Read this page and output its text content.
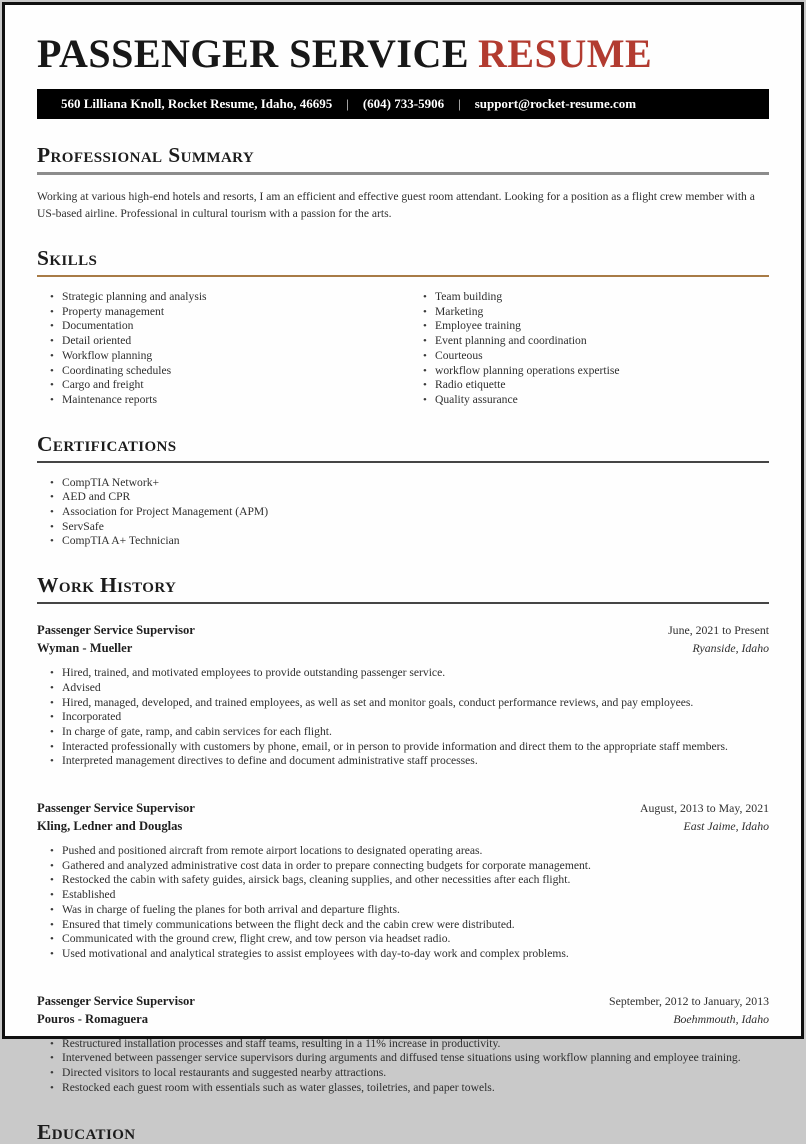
PASSENGER SERVICE RESUME
560 Lilliana Knoll, Rocket Resume, Idaho, 46695 | (604) 733-5906 | support@rocket-resume.com
Professional Summary

Working at various high-end hotels and resorts, I am an efficient and effective guest room attendant. Looking for a position as a flight crew member with a US-based airline. Professional in cultural tourism with a passion for the arts.

Skills
• Strategic planning and analysis
• Property management
• Documentation
• Detail oriented
• Workflow planning
• Coordinating schedules
• Cargo and freight
• Maintenance reports
• Team building
• Marketing
• Employee training
• Event planning and coordination
• Courteous
• workflow planning operations expertise
• Radio etiquette
• Quality assurance
Certifications
• CompTIA Network+
• AED and CPR
• Association for Project Management (APM)
• ServSafe
• CompTIA A+ Technician
Work History
Passenger Service Supervisor
Wyman - Mueller
June, 2021 to Present
Ryanside, Idaho
• Hired, trained, and motivated employees to provide outstanding passenger service.
• Advised
• Hired, managed, developed, and trained employees, as well as set and monitor goals, conduct performance reviews, and pay employees.
• Incorporated
• In charge of gate, ramp, and cabin services for each flight.
• Interacted professionally with customers by phone, email, or in person to provide information and direct them to the appropriate staff members.
• Interpreted management directives to define and document administrative staff processes.
Passenger Service Supervisor
Kling, Ledner and Douglas
August, 2013 to May, 2021
East Jaime, Idaho
• Pushed and positioned aircraft from remote airport locations to designated operating areas.
• Gathered and analyzed administrative cost data in order to prepare connecting budgets for corporate management.
• Restocked the cabin with safety guides, airsick bags, cleaning supplies, and other necessities after each flight.
• Established
• Was in charge of fueling the planes for both arrival and departure flights.
• Ensured that timely communications between the flight deck and the cabin crew were distributed.
• Communicated with the ground crew, flight crew, and tow person via headset radio.
• Used motivational and analytical strategies to assist employees with day-to-day work and complex problems.
Passenger Service Supervisor
Pouros - Romaguera
September, 2012 to January, 2013
Boehmmouth, Idaho
• Restructured installation processes and staff teams, resulting in a 11% increase in productivity.
• Intervened between passenger service supervisors during arguments and diffused tense situations using workflow planning and employee training.
• Directed visitors to local restaurants and suggested nearby attractions.
• Restocked each guest room with essentials such as water glasses, toiletries, and paper towels.
Education
